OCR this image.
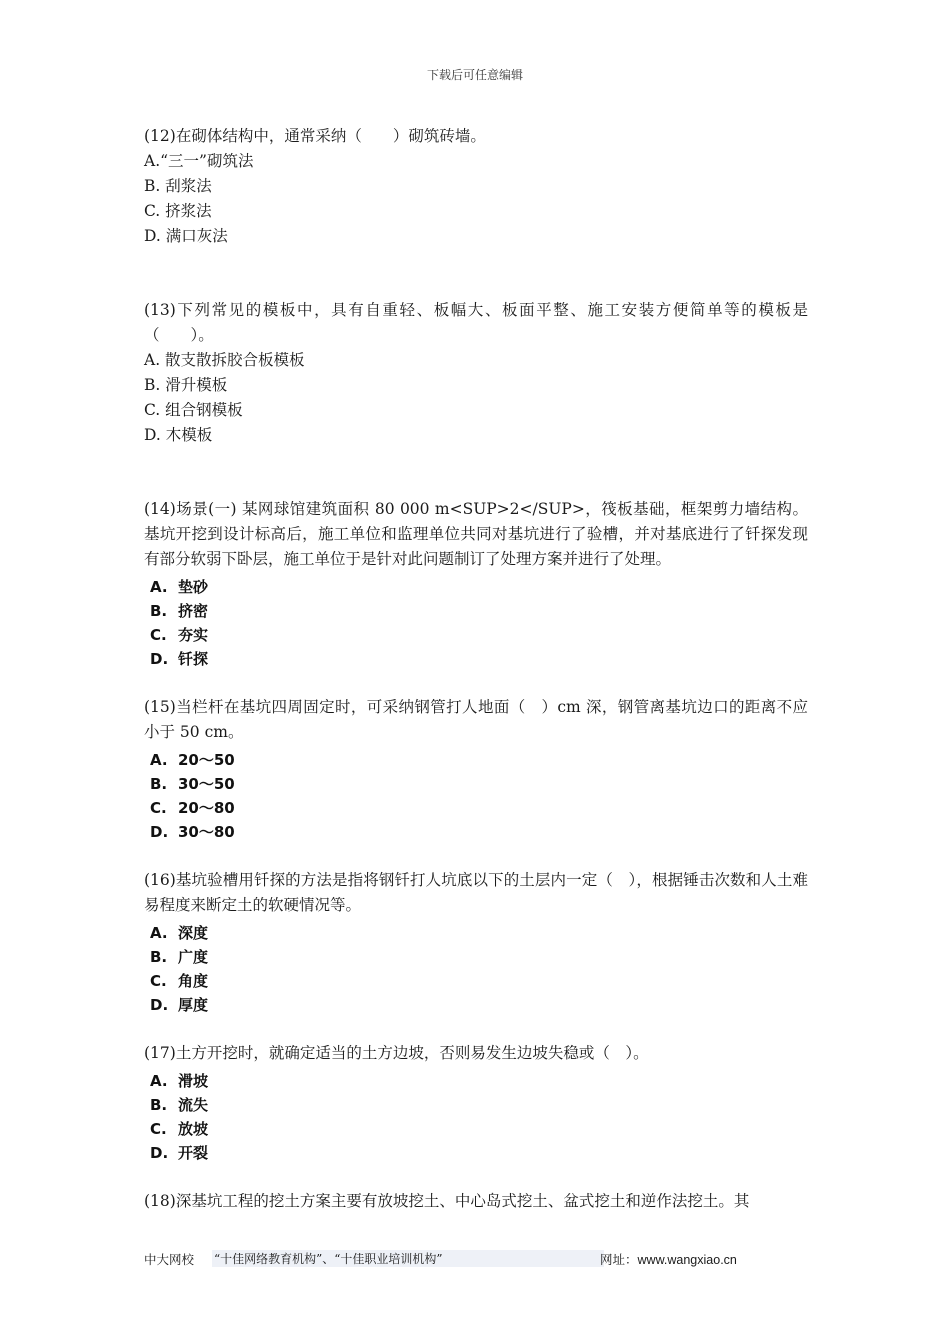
下载后可任意编辑

(12)在砌体结构中，通常采纳（　　）砌筑砖墙。

A.“三一”砌筑法

B. 刮浆法

C. 挤浆法

D. 满口灰法

(13)下列常见的模板中，具有自重轻、板幅大、板面平整、施工安装方便简单等的模板是（　　）。

A. 散支散拆胶合板模板

B. 滑升模板

C. 组合钢模板

D. 木模板

(14)场景(一) 某网球馆建筑面积 80 000 m<SUP>2</SUP>，筏板基础，框架剪力墙结构。基坑开挖到设计标高后，施工单位和监理单位共同对基坑进行了验槽，并对基底进行了钎探发现有部分软弱下卧层，施工单位于是针对此问题制订了处理方案并进行了处理。

A. 垫砂
B. 挤密
C. 夯实
D. 钎探

(15)当栏杆在基坑四周固定时，可采纳钢管打人地面（　）cm 深，钢管离基坑边口的距离不应小于 50 cm。

A. 20～50
B. 30～50
C. 20～80
D. 30～80

(16)基坑验槽用钎探的方法是指将钢钎打人坑底以下的土层内一定（　），根据锤击次数和人土难易程度来断定土的软硬情况等。

A. 深度
B. 广度
C. 角度
D. 厚度

(17)土方开挖时，就确定适当的土方边坡，否则易发生边坡失稳或（　）。

A. 滑坡
B. 流失
C. 放坡
D. 开裂

(18)深基坑工程的挖土方案主要有放坡挖土、中心岛式挖土、盆式挖土和逆作法挖土。其

中大网校 “十佳网络教育机构”、“十佳职业培训机构”	网址：www.wangxiao.cn
